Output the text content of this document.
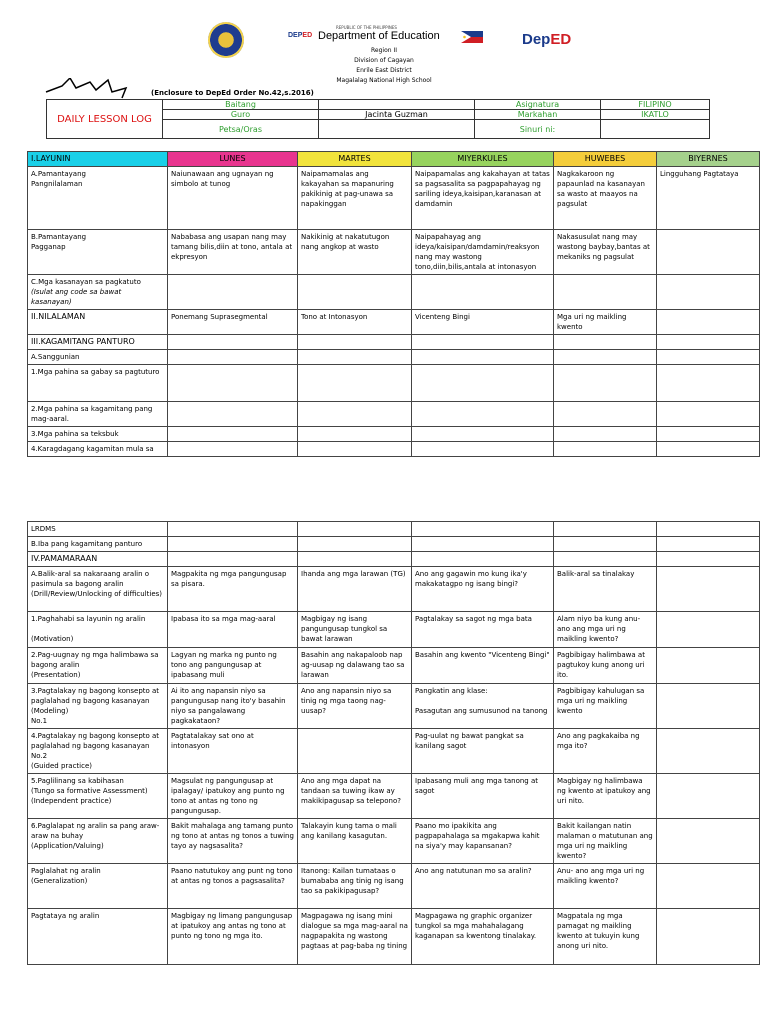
DEPED
REPUBLIC OF THE PHILIPPINES
Department of Education	DepED
Region II
Division of Cagayan
Enrile East District
Magalalag National High School
(Enclosure to DepEd Order No.42,s.2016)
DAILY LESSON LOG	Baitang		Asignatura	FILIPINO
	Guro	Jacinta Guzman	Markahan	IKATLO
	Petsa/Oras		Sinuri ni:	

I.LAYUNIN	LUNES	MARTES	MIYERKULES	HUWEBES	BIYERNES
A.Pamantayang
Pangnilalaman	Naiunawaan ang ugnayan ng simbolo at tunog	Naipamamalas ang kakayahan sa mapanuring pakikinig at pag-unawa sa napakinggan	Naipapamalas ang kakahayan at tatas sa pagsasalita sa pagpapahayag ng sariling ideya,kaisipan,karanasan at damdamin	Nagkakaroon ng papaunlad na kasanayan sa wasto at maayos na pagsulat	Lingguhang Pagtataya
B.Pamantayang
Pagganap	Nababasa ang usapan nang may tamang bilis,diin at tono, antala at ekpresyon	Nakikinig at nakatutugon nang angkop at wasto	Naipapahayag ang ideya/kaisipan/damdamin/reaksyon nang may wastong tono,diin,bilis,antala at intonasyon	Nakasusulat nang may wastong baybay,bantas at mekaniks ng pagsulat	
C.Mga kasanayan sa pagkatuto
(Isulat ang code sa bawat kasanayan)					

II.NILALAMAN	Ponemang Suprasegmental	Tono at Intonasyon	Vicenteng Bingi	Mga uri ng maikling kwento	
III.KAGAMITANG PANTURO					
A.Sanggunian					
1.Mga pahina sa gabay sa pagtuturo					
2.Mga pahina sa kagamitang pang mag-aaral.					
3.Mga pahina sa teksbuk					
4.Karagdagang kagamitan mula sa					
LRDMS					
B.Iba pang kagamitang panturo					
IV.PAMAMARAAN					
A.Balik-aral sa nakaraang aralin o pasimula sa bagong aralin
(Drill/Review/Unlocking of difficulties)	Magpakita ng mga pangungusap sa pisara.	Ihanda ang mga larawan (TG)	Ano ang gagawin mo kung ika'y makakatagpo ng isang bingi?	Balik-aral sa tinalakay	
1.Paghahabi sa layunin ng aralin

(Motivation)	Ipabasa ito sa mga mag-aaral	Magbigay ng isang pangungusap tungkol sa bawat larawan	Pagtalakay sa sagot ng mga bata	Alam niyo ba kung anu-ano ang mga uri ng maikling kwento?	
2.Pag-uugnay ng mga halimbawa sa bagong aralin
(Presentation)	Lagyan ng marka ng punto ng tono ang pangungusap at ipabasang muli	Basahin ang nakapaloob nap ag-uusap ng dalawang tao sa larawan	Basahin ang kwento "Vicenteng Bingi"	Pagbibigay halimbawa at pagtukoy kung anong uri ito.	
3.Pagtalakay ng bagong konsepto at paglalahad ng bagong kasanayan
(Modeling)
No.1	Ai ito ang napansin niyo sa pangungusap nang ito'y basahin niyo sa pangalawang pagkakataon?	Ano ang napansin niyo sa tinig ng mga taong nag-uusap?	Pangkatin ang klase:

Pasagutan ang sumusunod na tanong	Pagbibigay kahulugan sa mga uri ng maikling kwento	
4.Pagtalakay ng bagong konsepto at paglalahad ng bagong kasanayan No.2
(Guided practice)	Pagtatalakay sat ono at intonasyon		Pag-uulat ng bawat pangkat sa kanilang sagot	Ano ang pagkakaiba ng mga ito?	
5.Paglilinang sa kabihasan
(Tungo sa formative Assessment)
(Independent practice)	Magsulat ng pangungusap at ipalagay/ ipatukoy ang punto ng tono at antas ng tono ng pangungusap.	Ano ang mga dapat na tandaan sa tuwing ikaw ay makikipagusap sa telepono?	Ipabasang muli ang mga tanong at sagot	Magbigay ng halimbawa ng kwento at ipatukoy ang uri nito.	
6.Paglalapat ng aralin sa pang araw-araw na buhay
(Application/Valuing)	Bakit mahalaga ang tamang punto ng tono at antas ng tonos a tuwing tayo ay nagsasalita?	Talakayin kung tama o mali ang kanilang kasagutan.	Paano mo ipakikita ang pagpapahalaga sa mgakapwa kahit na siya'y may kapansanan?	Bakit kailangan natin malaman o matutunan ang mga uri ng maikling kwento?	
Paglalahat ng aralin
(Generalization)	Paano natutukoy ang punt ng tono at antas ng tonos a pagsasalita?	Itanong: Kailan tumataas o bumababa ang tinig ng isang tao sa pakikipagusap?	Ano ang natutunan mo sa aralin?	Anu- ano ang mga uri ng maikling kwento?	
Pagtataya ng aralin	Magbigay ng limang pangungusap at ipatukoy ang antas ng tono at punto ng tono ng mga ito.	Magpagawa ng isang mini dialogue sa mga mag-aaral na nagpapakita ng wastong pagtaas at pag-baba ng tining	Magpagawa ng graphic organizer tungkol sa mga mahahalagang kaganapan sa kwentong tinalakay.	Magpatala ng mga pamagat ng maikling kwento at tukuyin kung anong uri nito.	
